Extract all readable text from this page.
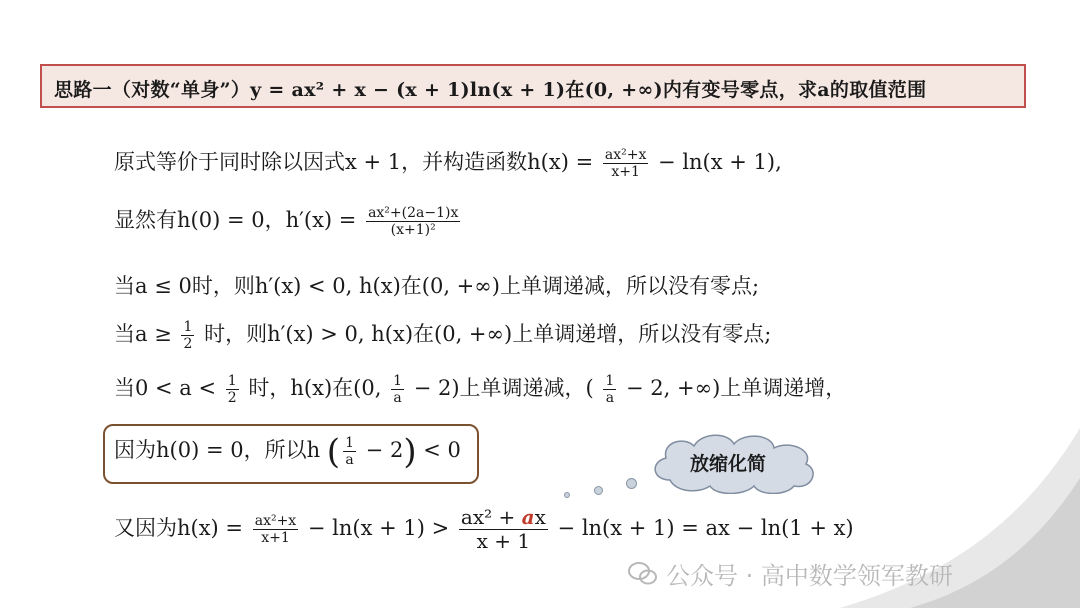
思路一（对数“单身”）y = ax² + x − (x + 1)ln(x + 1)在(0, +∞)内有变号零点，求a的取值范围
原式等价于同时除以因式x + 1，并构造函数$h(x) = \frac{\text{ax²+x}}{x+1} - \ln(x + 1)$,
显然有h(0) = 0，$h'(x) = \frac{\text{ax²+(2a−1)x}}{\text{(x+1)²}}$
当a ≤ 0时，则h′(x) < 0, h(x)在(0, +∞)上单调递减，所以没有零点;
当$a \ge \frac{1}{2}$ 时，则h′(x) > 0, h(x)在(0, +∞)上单调递增，所以没有零点;
当$0 < a < \frac{1}{2}$ 时，h(x)在(0, $\frac{1}{a} - 2$)上单调递减，( $\frac{1}{a} - 2$, +∞)上单调递增，
因为h(0) = 0，所以h ( $\frac{1}{a} - 2) < 0$
放缩化简
又因为$h(x) = \frac{\text{ax²+x}}{x+1} - \ln(x + 1) > \frac{\text{ax² + ax}}{x + 1} - \ln(x + 1)$ = ax − ln(1 + x)
公众号 · 高中数学领军教研
